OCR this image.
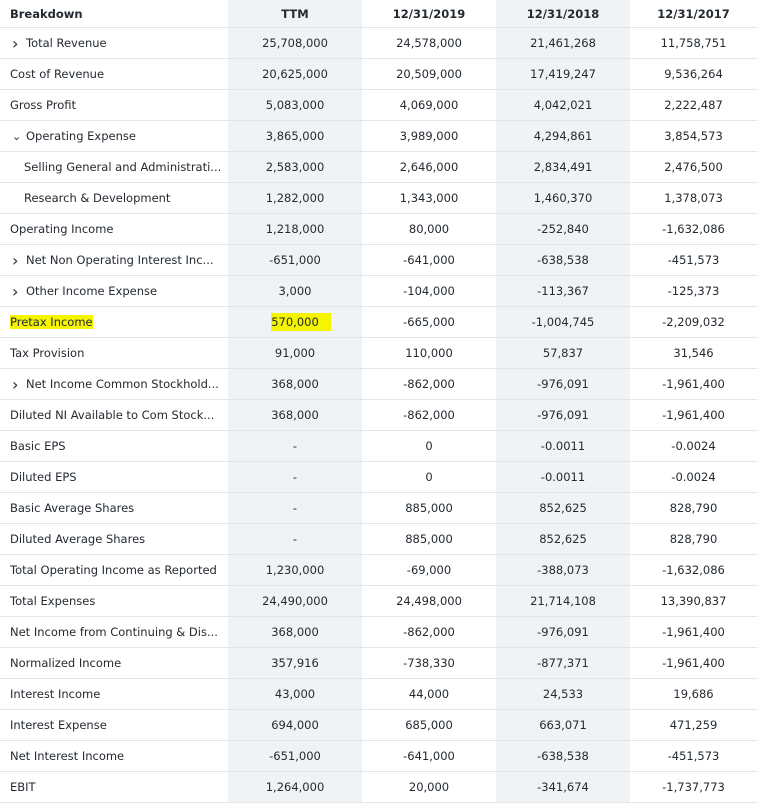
Breakdown	TTM	12/31/2019	12/31/2018	12/31/2017
› Total Revenue	25,708,000	24,578,000	21,461,268	11,758,751
Cost of Revenue	20,625,000	20,509,000	17,419,247	9,536,264
Gross Profit	5,083,000	4,069,000	4,042,021	2,222,487
⌄ Operating Expense	3,865,000	3,989,000	4,294,861	3,854,573
Selling General and Administrati...	2,583,000	2,646,000	2,834,491	2,476,500
Research & Development	1,282,000	1,343,000	1,460,370	1,378,073
Operating Income	1,218,000	80,000	-252,840	-1,632,086
› Net Non Operating Interest Inc...	-651,000	-641,000	-638,538	-451,573
› Other Income Expense	3,000	-104,000	-113,367	-125,373
Pretax Income	570,000	-665,000	-1,004,745	-2,209,032
Tax Provision	91,000	110,000	57,837	31,546
› Net Income Common Stockhold...	368,000	-862,000	-976,091	-1,961,400
Diluted NI Available to Com Stock...	368,000	-862,000	-976,091	-1,961,400
Basic EPS	-	0	-0.0011	-0.0024
Diluted EPS	-	0	-0.0011	-0.0024
Basic Average Shares	-	885,000	852,625	828,790
Diluted Average Shares	-	885,000	852,625	828,790
Total Operating Income as Reported	1,230,000	-69,000	-388,073	-1,632,086
Total Expenses	24,490,000	24,498,000	21,714,108	13,390,837
Net Income from Continuing & Dis...	368,000	-862,000	-976,091	-1,961,400
Normalized Income	357,916	-738,330	-877,371	-1,961,400
Interest Income	43,000	44,000	24,533	19,686
Interest Expense	694,000	685,000	663,071	471,259
Net Interest Income	-651,000	-641,000	-638,538	-451,573
EBIT	1,264,000	20,000	-341,674	-1,737,773
